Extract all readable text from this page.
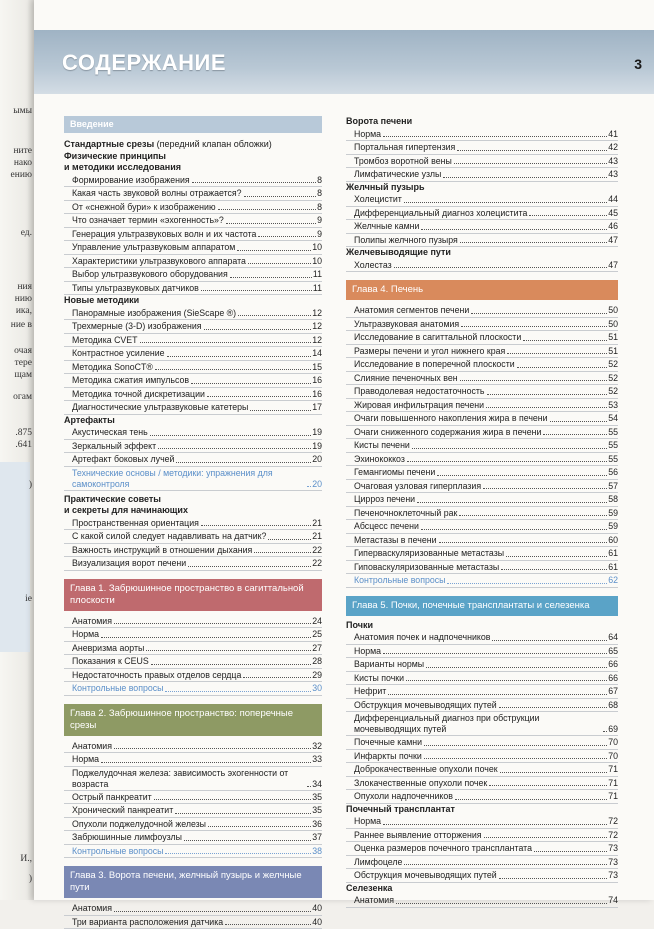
ымы
ните
нако
ению
ед.
ния
нию
ика,
ние в
очая
тере
щам
огам
.875
.641
)
ie
И.,
)
СОДЕРЖАНИЕ	3
Введение
Стандартные срезы (передний клапан обложки)
Физические принципы
и методики исследования
Формирование изображения	8
Какая часть звуковой волны отражается?	8
От «снежной бури» к изображению	8
Что означает термин «эхогенность»?	9
Генерация ультразвуковых волн и их частота	9
Управление ультразвуковым аппаратом	10
Характеристики ультразвукового аппарата	10
Выбор ультразвукового оборудования	11
Типы ультразвуковых датчиков	11
Новые методики
Панорамные изображения (SieScape ®)	12
Трехмерные (3-D) изображения	12
Методика CVET	12
Контрастное усиление	14
Методика SonoCT®	15
Методика сжатия импульсов	16
Методика точной дискретизации	16
Диагностические ультразвуковые катетеры	17
Артефакты
Акустическая тень	19
Зеркальный эффект	19
Артефакт боковых лучей	20
Технические основы / методики: упражнения для самоконтроля	20
Практические советы
и секреты для начинающих
Пространственная ориентация	21
С какой силой следует надавливать на датчик?	21
Важность инструкций в отношении дыхания	22
Визуализация ворот печени	22
Глава 1. Забрюшинное пространство в сагиттальной плоскости
Анатомия	24
Норма	25
Аневризма аорты	27
Показания к CEUS	28
Недостаточность правых отделов сердца	29
Контрольные вопросы	30
Глава 2. Забрюшинное пространство: поперечные срезы
Анатомия	32
Норма	33
Поджелудочная железа: зависимость эхогенности от возраста	34
Острый панкреатит	35
Хронический панкреатит	35
Опухоли поджелудочной железы	36
Забрюшинные лимфоузлы	37
Контрольные вопросы	38
Глава 3. Ворота печени, желчный пузырь и желчные пути
Анатомия	40
Три варианта расположения датчика	40
Ворота печени
Норма	41
Портальная гипертензия	42
Тромбоз воротной вены	43
Лимфатические узлы	43
Желчный пузырь
Холецистит	44
Дифференциальный диагноз холецистита	45
Желчные камни	46
Полипы желчного пузыря	47
Желчевыводящие пути
Холестаз	47
Глава 4. Печень
Анатомия сегментов печени	50
Ультразвуковая анатомия	50
Исследование в сагиттальной плоскости	51
Размеры печени и угол нижнего края	51
Исследование в поперечной плоскости	52
Слияние печеночных вен	52
Праводолевая недостаточность	52
Жировая инфильтрация печени	53
Очаги повышенного накопления жира в печени	54
Очаги сниженного содержания жира в печени	55
Кисты печени	55
Эхинококкоз	55
Гемангиомы печени	56
Очаговая узловая гиперплазия	57
Цирроз печени	58
Печеночноклеточный рак	59
Абсцесс печени	59
Метастазы в печени	60
Гиперваскуляризованные метастазы	61
Гиповаскуляризованные метастазы	61
Контрольные вопросы	62
Глава 5. Почки, почечные трансплантаты и селезенка
Почки
Анатомия почек и надпочечников	64
Норма	65
Варианты нормы	66
Кисты почки	66
Нефрит	67
Обструкция мочевыводящих путей	68
Дифференциальный диагноз при обструкции мочевыводящих путей	69
Почечные камни	70
Инфаркты почки	70
Доброкачественные опухоли почек	71
Злокачественные опухоли почек	71
Опухоли надпочечников	71
Почечный трансплантат
Норма	72
Раннее выявление отторжения	72
Оценка размеров почечного трансплантата	73
Лимфоцеле	73
Обструкция мочевыводящих путей	73
Селезенка
Анатомия	74
